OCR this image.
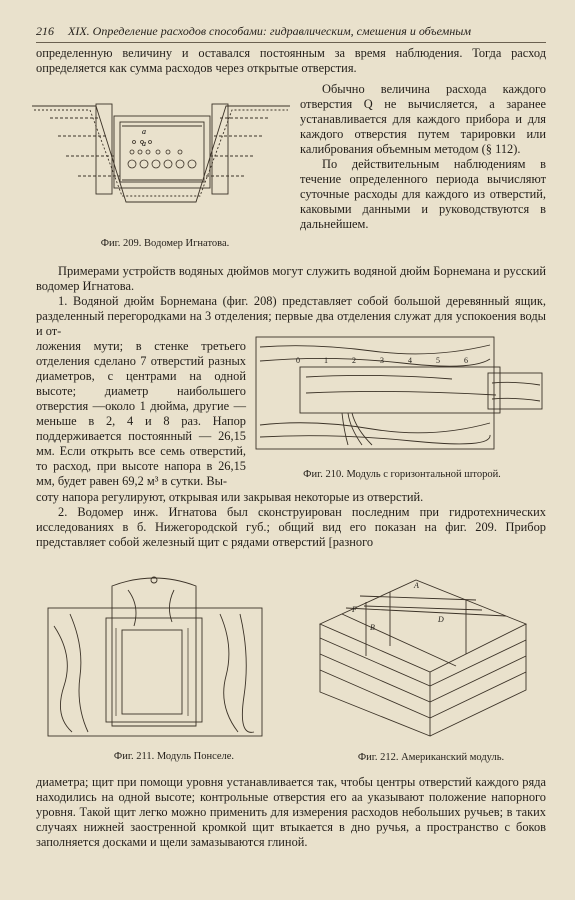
216 XIX. Определение расходов способами: гидравлическим, смешения и объемным

определенную величину и оставался постоянным за время наблюдения. Тогда расход определяется как сумма расходов через открытые отверстия.

a
a
Фиг. 209. Водомер Игнатова.

Обычно величина расхода каждого отверстия Q не вычисляется, а заранее устанавливается для каждого прибора и для каждого отверстия путем тарировки или калибрования объемным методом (§ 112).

По действительным наблюдениям в течение определенного периода вычисляют суточные расходы для каждого из отверстий, каковыми данными и руководствуются в дальнейшем.

Примерами устройств водяных дюймов могут служить водяной дюйм Борнемана и русский водомер Игнатова.

1. Водяной дюйм Борнемана (фиг. 208) представляет собой большой деревянный ящик, разделенный перегородками на 3 отделения; первые два отделения служат для успокоения воды и от-

ложения мути; в стенке третьего отделения сделано 7 отверстий разных диаметров, с центрами на одной высоте; диаметр наибольшего отверстия —около 1 дюйма, другие — меньше в 2, 4 и 8 раз. Напор поддерживается постоянный — 26,15 мм. Если открыть все семь отверстий, то расход, при высоте напора в 26,15 мм, будет равен 69,2 м³ в сутки. Вы-

0	1	2	3	4	5	6
Фиг. 210. Модуль с горизонтальной шторой.

соту напора регулируют, открывая или закрывая некоторые из отверстий.

2. Водомер инж. Игнатова был сконструирован последним при гидротехнических исследованиях в б. Нижегородской губ.; общий вид его показан на фиг. 209. Прибор представляет собой железный щит с рядами отверстий [разного

Фиг. 211. Модуль Понселе.
A
F
B
D
Фиг. 212. Американский модуль.

диаметра; щит при помощи уровня устанавливается так, чтобы центры отверстий каждого ряда находились на одной высоте; контрольные отверстия его aa указывают положение напорного уровня. Такой щит легко можно применить для измерения расходов небольших ручьев; в таких случаях нижней заостренной кромкой щит втыкается в дно ручья, а пространство с боков заполняется досками и щели замазываются глиной.
